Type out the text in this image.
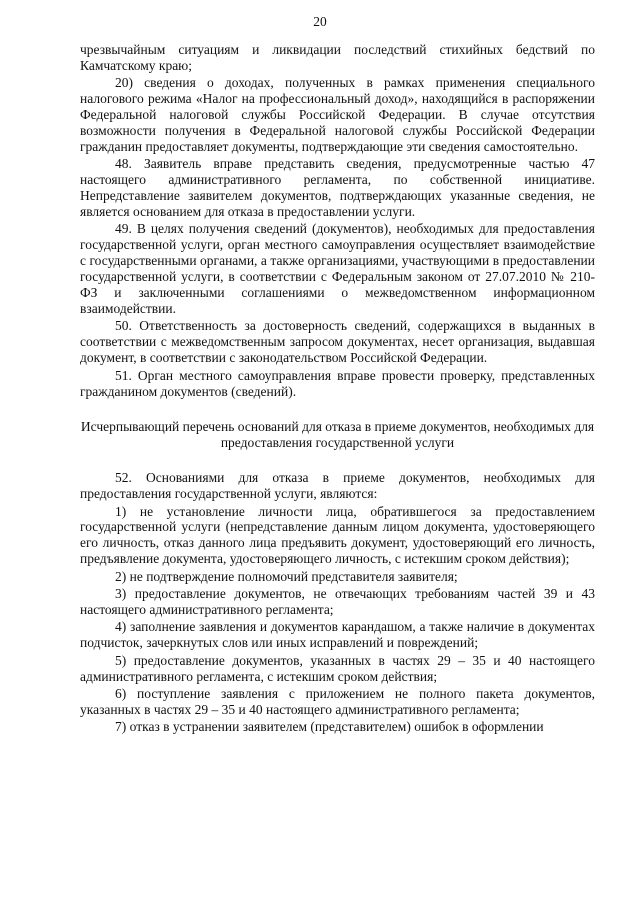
20

чрезвычайным ситуациям и ликвидации последствий стихийных бедствий по Камчатскому краю;

20) сведения о доходах, полученных в рамках применения специального налогового режима «Налог на профессиональный доход», находящийся в распоряжении Федеральной налоговой службы Российской Федерации. В случае отсутствия возможности получения в Федеральной налоговой службы Российской Федерации гражданин предоставляет документы, подтверждающие эти сведения самостоятельно.

48. Заявитель вправе представить сведения, предусмотренные частью 47 настоящего административного регламента, по собственной инициативе. Непредставление заявителем документов, подтверждающих указанные сведения, не является основанием для отказа в предоставлении услуги.

49. В целях получения сведений (документов), необходимых для предоставления государственной услуги, орган местного самоуправления осуществляет взаимодействие с государственными органами, а также организациями, участвующими в предоставлении государственной услуги, в соответствии с Федеральным законом от 27.07.2010 № 210-ФЗ и заключенными соглашениями о межведомственном информационном взаимодействии.

50. Ответственность за достоверность сведений, содержащихся в выданных в соответствии с межведомственным запросом документах, несет организация, выдавшая документ, в соответствии с законодательством Российской Федерации.

51. Орган местного самоуправления вправе провести проверку, представленных гражданином документов (сведений).

Исчерпывающий перечень оснований для отказа в приеме документов, необходимых для предоставления государственной услуги

52. Основаниями для отказа в приеме документов, необходимых для предоставления государственной услуги, являются:

1) не установление личности лица, обратившегося за предоставлением государственной услуги (непредставление данным лицом документа, удостоверяющего его личность, отказ данного лица предъявить документ, удостоверяющий его личность, предъявление документа, удостоверяющего личность, с истекшим сроком действия);

2) не подтверждение полномочий представителя заявителя;

3) предоставление документов, не отвечающих требованиям частей 39 и 43 настоящего административного регламента;

4) заполнение заявления и документов карандашом, а также наличие в документах подчисток, зачеркнутых слов или иных исправлений и повреждений;

5) предоставление документов, указанных в частях 29 – 35 и 40 настоящего административного регламента, с истекшим сроком действия;

6) поступление заявления с приложением не полного пакета документов, указанных в частях 29 – 35 и 40 настоящего административного регламента;

7) отказ в устранении заявителем (представителем) ошибок в оформлении
